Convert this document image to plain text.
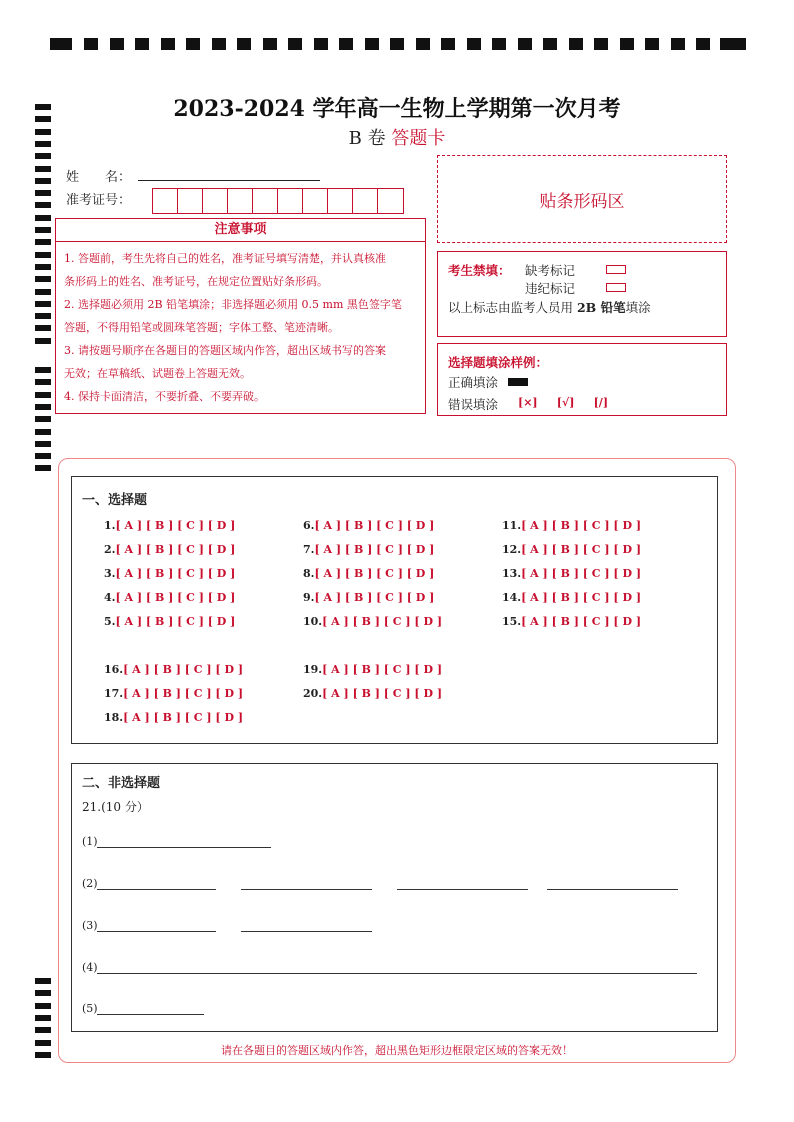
2023-2024 学年高一生物上学期第一次月考
B 卷 答题卡
姓　　名：
准考证号：	贴条形码区
注意事项
1. 答题前，考生先将自己的姓名，准考证号填写清楚，并认真核准
条形码上的姓名、准考证号，在规定位置贴好条形码。
2. 选择题必须用 2B 铅笔填涂；非选择题必须用 0.5 mm 黑色签字笔
答题，不得用铅笔或圆珠笔答题；字体工整、笔迹清晰。
3. 请按题号顺序在各题目的答题区域内作答，超出区域书写的答案
无效；在草稿纸、试题卷上答题无效。
4. 保持卡面清洁，不要折叠、不要弄破。
考生禁填： 缺考标记
违纪标记
以上标志由监考人员用 2B 铅笔填涂
选择题填涂样例：
正确填涂
错误填涂 [×] [√] [/]
一、选择题
1.[ A ] [ B ] [ C ] [ D ]
2.[ A ] [ B ] [ C ] [ D ]
3.[ A ] [ B ] [ C ] [ D ]
4.[ A ] [ B ] [ C ] [ D ]
5.[ A ] [ B ] [ C ] [ D ]
6.[ A ] [ B ] [ C ] [ D ]
7.[ A ] [ B ] [ C ] [ D ]
8.[ A ] [ B ] [ C ] [ D ]
9.[ A ] [ B ] [ C ] [ D ]
10.[ A ] [ B ] [ C ] [ D ]
11.[ A ] [ B ] [ C ] [ D ]
12.[ A ] [ B ] [ C ] [ D ]
13.[ A ] [ B ] [ C ] [ D ]
14.[ A ] [ B ] [ C ] [ D ]
15.[ A ] [ B ] [ C ] [ D ]
16.[ A ] [ B ] [ C ] [ D ]
17.[ A ] [ B ] [ C ] [ D ]
18.[ A ] [ B ] [ C ] [ D ]
19.[ A ] [ B ] [ C ] [ D ]
20.[ A ] [ B ] [ C ] [ D ]
二、非选择题
21.(10 分）
(1)
(2)
(3)
(4)
(5)
请在各题目的答题区域内作答，超出黑色矩形边框限定区域的答案无效！
